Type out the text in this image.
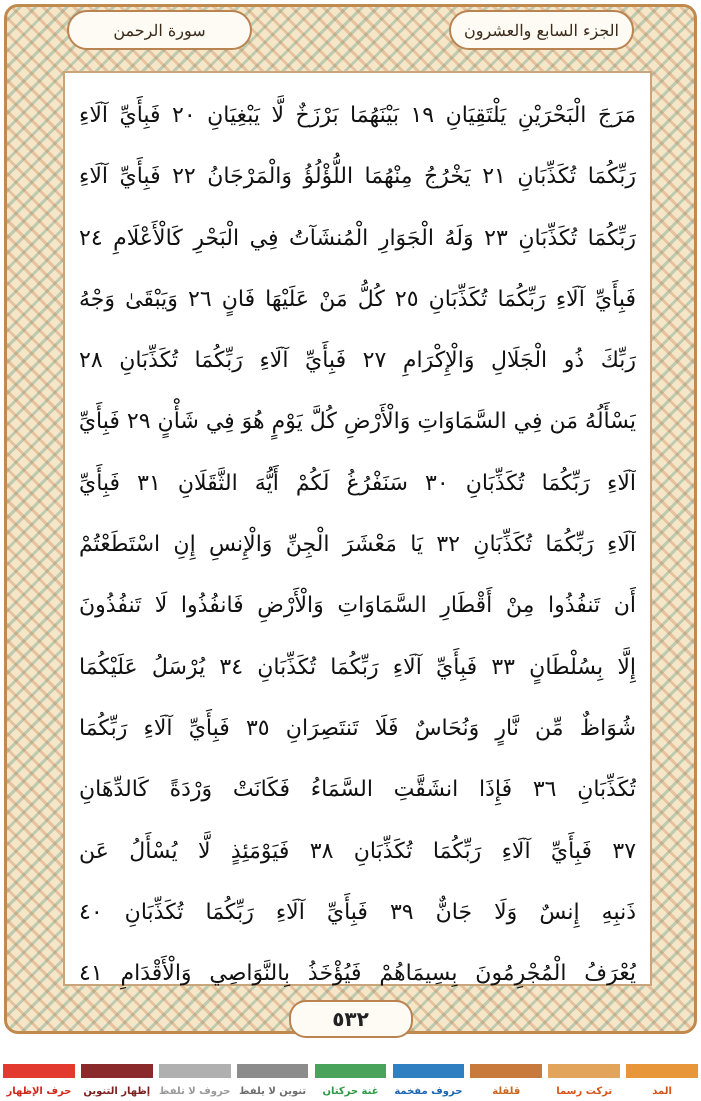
سورة الرحمن	الجزء السابع والعشرون
مَرَجَ الْبَحْرَيْنِ يَلْتَقِيَانِ ١٩ بَيْنَهُمَا بَرْزَخٌ لَّا يَبْغِيَانِ ٢٠ فَبِأَيِّ آلَاءِ
رَبِّكُمَا تُكَذِّبَانِ ٢١ يَخْرُجُ مِنْهُمَا اللُّؤْلُؤُ وَالْمَرْجَانُ ٢٢ فَبِأَيِّ آلَاءِ
رَبِّكُمَا تُكَذِّبَانِ ٢٣ وَلَهُ الْجَوَارِ الْمُنشَآتُ فِي الْبَحْرِ كَالْأَعْلَامِ ٢٤
فَبِأَيِّ آلَاءِ رَبِّكُمَا تُكَذِّبَانِ ٢٥ كُلُّ مَنْ عَلَيْهَا فَانٍ ٢٦ وَيَبْقَىٰ وَجْهُ
رَبِّكَ ذُو الْجَلَالِ وَالْإِكْرَامِ ٢٧ فَبِأَيِّ آلَاءِ رَبِّكُمَا تُكَذِّبَانِ ٢٨
يَسْأَلُهُ مَن فِي السَّمَاوَاتِ وَالْأَرْضِ كُلَّ يَوْمٍ هُوَ فِي شَأْنٍ ٢٩ فَبِأَيِّ
آلَاءِ رَبِّكُمَا تُكَذِّبَانِ ٣٠ سَنَفْرُغُ لَكُمْ أَيُّهَ الثَّقَلَانِ ٣١ فَبِأَيِّ
آلَاءِ رَبِّكُمَا تُكَذِّبَانِ ٣٢ يَا مَعْشَرَ الْجِنِّ وَالْإِنسِ إِنِ اسْتَطَعْتُمْ
أَن تَنفُذُوا مِنْ أَقْطَارِ السَّمَاوَاتِ وَالْأَرْضِ فَانفُذُوا لَا تَنفُذُونَ
إِلَّا بِسُلْطَانٍ ٣٣ فَبِأَيِّ آلَاءِ رَبِّكُمَا تُكَذِّبَانِ ٣٤ يُرْسَلُ عَلَيْكُمَا
شُوَاظٌ مِّن نَّارٍ وَنُحَاسٌ فَلَا تَنتَصِرَانِ ٣٥ فَبِأَيِّ آلَاءِ رَبِّكُمَا
تُكَذِّبَانِ ٣٦ فَإِذَا انشَقَّتِ السَّمَاءُ فَكَانَتْ وَرْدَةً كَالدِّهَانِ
٣٧ فَبِأَيِّ آلَاءِ رَبِّكُمَا تُكَذِّبَانِ ٣٨ فَيَوْمَئِذٍ لَّا يُسْأَلُ عَن
ذَنبِهِ إِنسٌ وَلَا جَانٌّ ٣٩ فَبِأَيِّ آلَاءِ رَبِّكُمَا تُكَذِّبَانِ ٤٠
يُعْرَفُ الْمُجْرِمُونَ بِسِيمَاهُمْ فَيُؤْخَذُ بِالنَّوَاصِي وَالْأَقْدَامِ ٤١
٥٣٢
المد
تركت رسما
قلقلة
حروف مفخمة
غنة حركتان
تنوين لا يلفظ
حروف لا تلفظ
إظهار التنوين
حرف الإظهار
